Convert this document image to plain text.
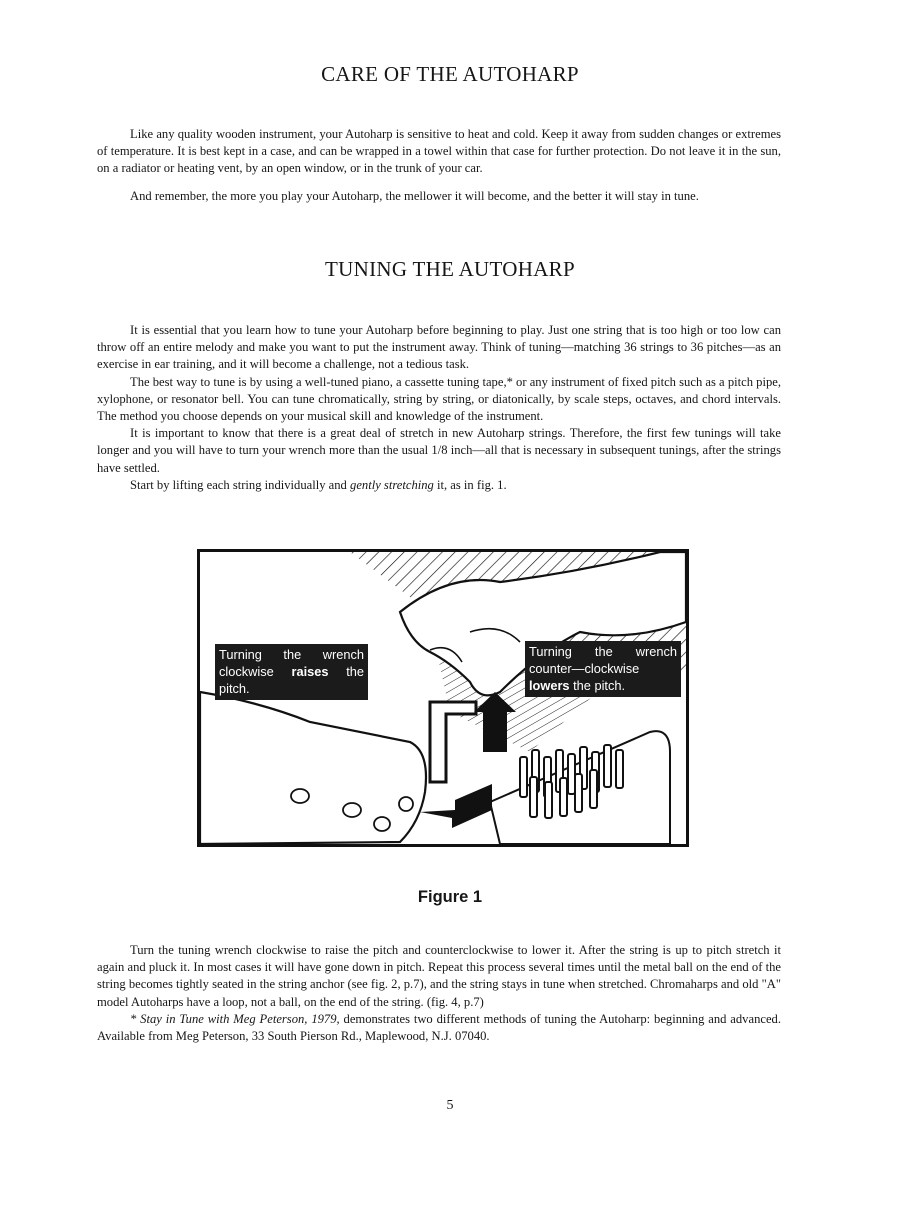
CARE OF THE AUTOHARP

Like any quality wooden instrument, your Autoharp is sensitive to heat and cold. Keep it away from sudden changes or extremes of temperature. It is best kept in a case, and can be wrapped in a towel within that case for further protection. Do not leave it in the sun, on a radiator or heating vent, by an open window, or in the trunk of your car.

And remember, the more you play your Autoharp, the mellower it will become, and the better it will stay in tune.

TUNING THE AUTOHARP

It is essential that you learn how to tune your Autoharp before beginning to play. Just one string that is too high or too low can throw off an entire melody and make you want to put the instrument away. Think of tuning—matching 36 strings to 36 pitches—as an exercise in ear training, and it will become a challenge, not a tedious task.

The best way to tune is by using a well-tuned piano, a cassette tuning tape,* or any instrument of fixed pitch such as a pitch pipe, xylophone, or resonator bell. You can tune chromatically, string by string, or diatonically, by scale steps, octaves, and chord intervals. The method you choose depends on your musical skill and knowledge of the instrument.

It is important to know that there is a great deal of stretch in new Autoharp strings. Therefore, the first few tunings will take longer and you will have to turn your wrench more than the usual 1/8 inch—all that is necessary in subsequent tunings, after the strings have settled.

Start by lifting each string individually and gently stretching it, as in fig. 1.

Turning the wrench clockwise raises the pitch.
Turning the wrench counter—clockwise lowers the pitch.
Figure 1

Turn the tuning wrench clockwise to raise the pitch and counterclockwise to lower it. After the string is up to pitch stretch it again and pluck it. In most cases it will have gone down in pitch. Repeat this process several times until the metal ball on the end of the string becomes tightly seated in the string anchor (see fig. 2, p.7), and the string stays in tune when stretched. Chromaharps and old "A" model Autoharps have a loop, not a ball, on the end of the string. (fig. 4, p.7)

* Stay in Tune with Meg Peterson, 1979, demonstrates two different methods of tuning the Autoharp: beginning and advanced. Available from Meg Peterson, 33 South Pierson Rd., Maplewood, N.J. 07040.

5
